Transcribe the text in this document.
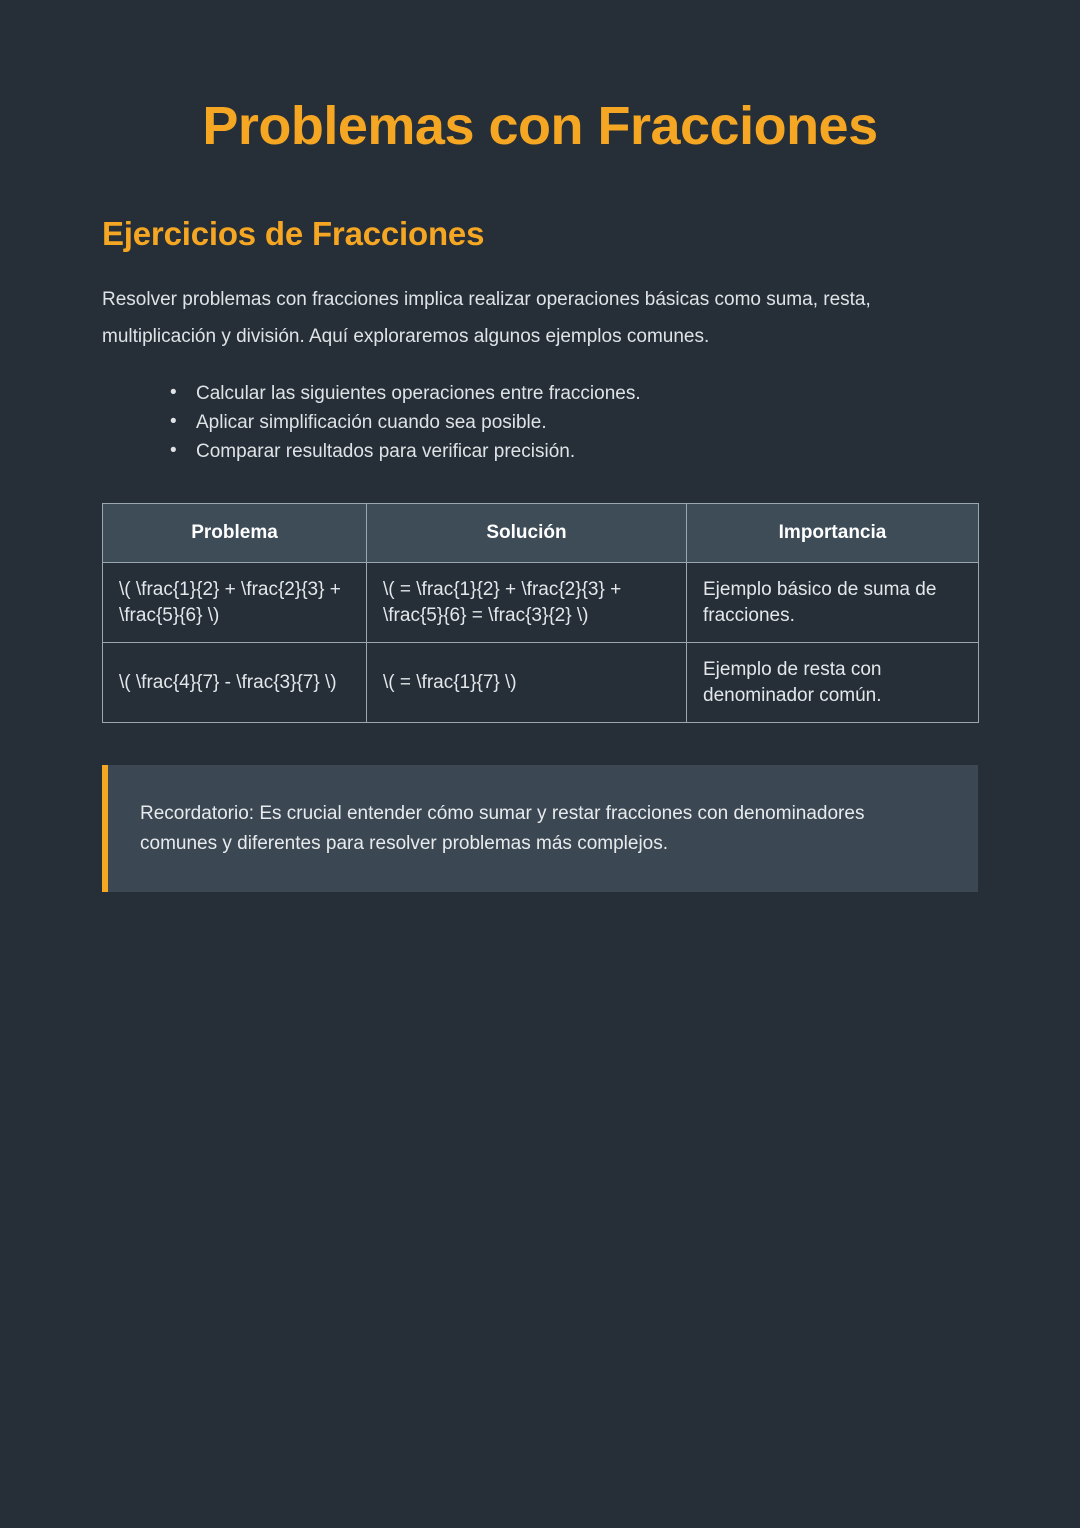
Problemas con Fracciones
Ejercicios de Fracciones

Resolver problemas con fracciones implica realizar operaciones básicas como suma, resta, multiplicación y división. Aquí exploraremos algunos ejemplos comunes.

• Calcular las siguientes operaciones entre fracciones.
• Aplicar simplificación cuando sea posible.
• Comparar resultados para verificar precisión.
Problema	Solución	Importancia
\( \frac{1}{2} + \frac{2}{3} + \frac{5}{6} \)	\( = \frac{1}{2} + \frac{2}{3} + \frac{5}{6} = \frac{3}{2} \)	Ejemplo básico de suma de fracciones.
\( \frac{4}{7} - \frac{3}{7} \)	\( = \frac{1}{7} \)	Ejemplo de resta con denominador común.

Recordatorio: Es crucial entender cómo sumar y restar fracciones con denominadores comunes y diferentes para resolver problemas más complejos.
